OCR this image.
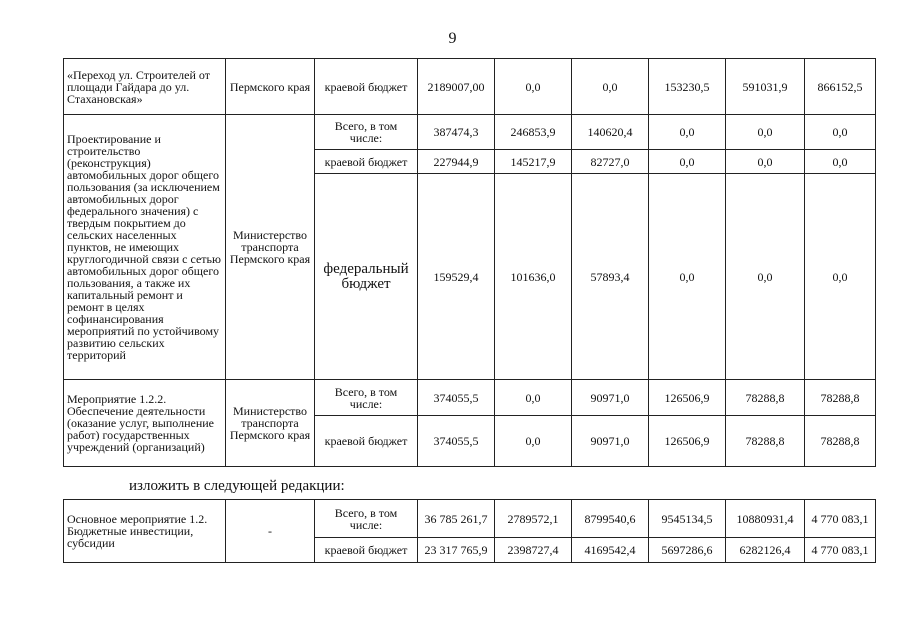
9
«Переход ул. Строителей от площади Гайдара до ул. Стахановская»	Пермского края	краевой бюджет	2189007,00	0,0	0,0	153230,5	591031,9	866152,5
Проектирование и строительство (реконструкция) автомобильных дорог общего пользования (за исключением автомобильных дорог федерального значения) с твердым покрытием до сельских населенных пунктов, не имеющих круглогодичной связи с сетью автомобильных дорог общего пользования, а также их капитальный ремонт и ремонт в целях софинансирования мероприятий по устойчивому развитию сельских территорий	Министерство транспорта Пермского края	Всего, в том числе:	387474,3	246853,9	140620,4	0,0	0,0	0,0
		краевой бюджет	227944,9	145217,9	82727,0	0,0	0,0	0,0
		федеральный бюджет	159529,4	101636,0	57893,4	0,0	0,0	0,0
Мероприятие 1.2.2. Обеспечение деятельности (оказание услуг, выполнение работ) государственных учреждений (организаций)	Министерство транспорта Пермского края	Всего, в том числе:	374055,5	0,0	90971,0	126506,9	78288,8	78288,8
		краевой бюджет	374055,5	0,0	90971,0	126506,9	78288,8	78288,8
изложить в следующей редакции:
Основное мероприятие 1.2. Бюджетные инвестиции, субсидии	-	Всего, в том числе:	36 785 261,7	2789572,1	8799540,6	9545134,5	10880931,4	4 770 083,1
		краевой бюджет	23 317 765,9	2398727,4	4169542,4	5697286,6	6282126,4	4 770 083,1
